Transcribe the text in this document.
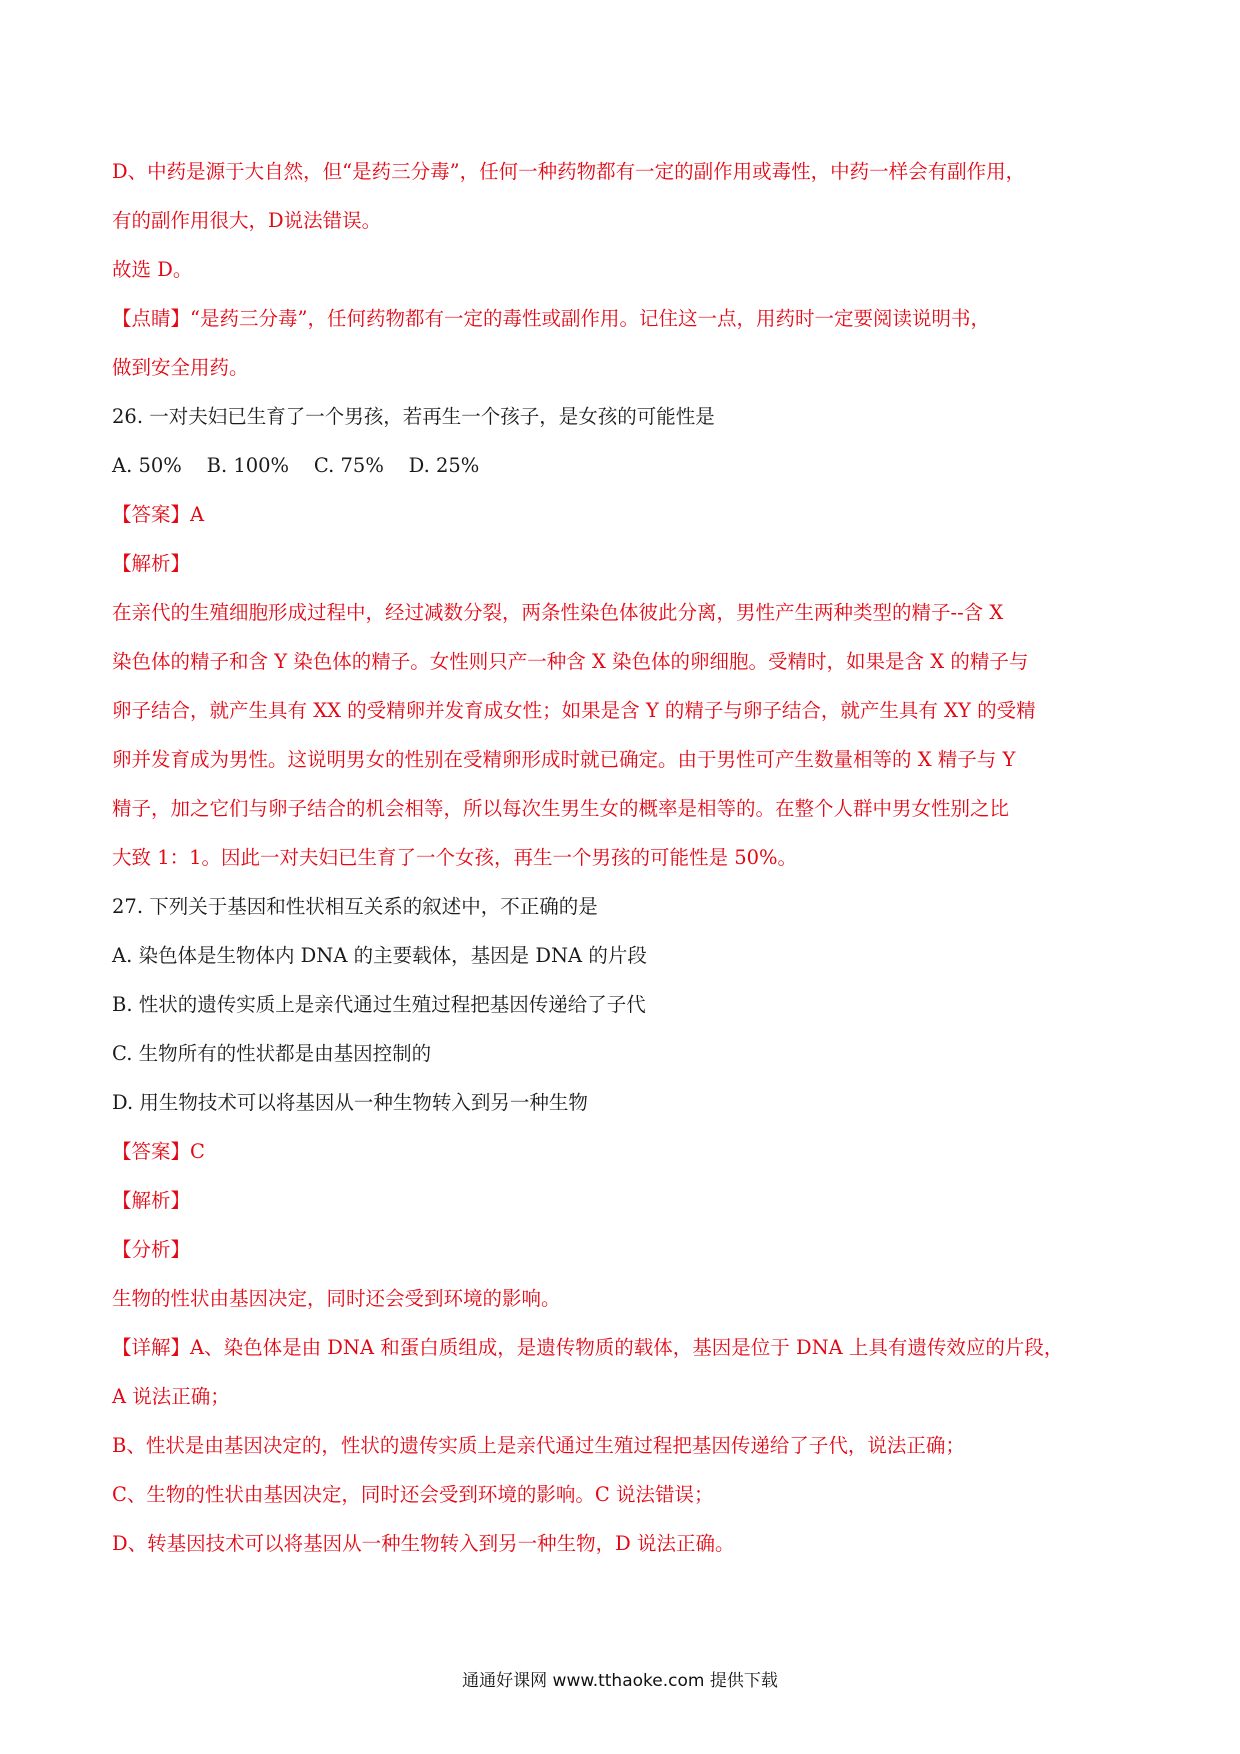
D、中药是源于大自然，但“是药三分毒”，任何一种药物都有一定的副作用或毒性，中药一样会有副作用，
有的副作用很大，D说法错误。
故选 D。
【点睛】“是药三分毒”，任何药物都有一定的毒性或副作用。记住这一点，用药时一定要阅读说明书，
做到安全用药。
26. 一对夫妇已生育了一个男孩，若再生一个孩子，是女孩的可能性是
A. 50%    B. 100%    C. 75%    D. 25%
【答案】A
【解析】
在亲代的生殖细胞形成过程中，经过减数分裂，两条性染色体彼此分离，男性产生两种类型的精子--含 X
染色体的精子和含 Y 染色体的精子。女性则只产一种含 X 染色体的卵细胞。受精时，如果是含 X 的精子与
卵子结合，就产生具有 XX 的受精卵并发育成女性；如果是含 Y 的精子与卵子结合，就产生具有 XY 的受精
卵并发育成为男性。这说明男女的性别在受精卵形成时就已确定。由于男性可产生数量相等的 X 精子与 Y
精子，加之它们与卵子结合的机会相等，所以每次生男生女的概率是相等的。在整个人群中男女性别之比
大致 1：1。因此一对夫妇已生育了一个女孩，再生一个男孩的可能性是 50%。
27. 下列关于基因和性状相互关系的叙述中，不正确的是
A. 染色体是生物体内 DNA 的主要载体，基因是 DNA 的片段
B. 性状的遗传实质上是亲代通过生殖过程把基因传递给了子代
C. 生物所有的性状都是由基因控制的
D. 用生物技术可以将基因从一种生物转入到另一种生物
【答案】C
【解析】
【分析】
生物的性状由基因决定，同时还会受到环境的影响。
【详解】A、染色体是由 DNA 和蛋白质组成，是遗传物质的载体，基因是位于 DNA 上具有遗传效应的片段，
A 说法正确；
B、性状是由基因决定的，性状的遗传实质上是亲代通过生殖过程把基因传递给了子代，说法正确；
C、生物的性状由基因决定，同时还会受到环境的影响。C 说法错误；
D、转基因技术可以将基因从一种生物转入到另一种生物，D 说法正确。
通通好课网 www.tthaoke.com 提供下载
